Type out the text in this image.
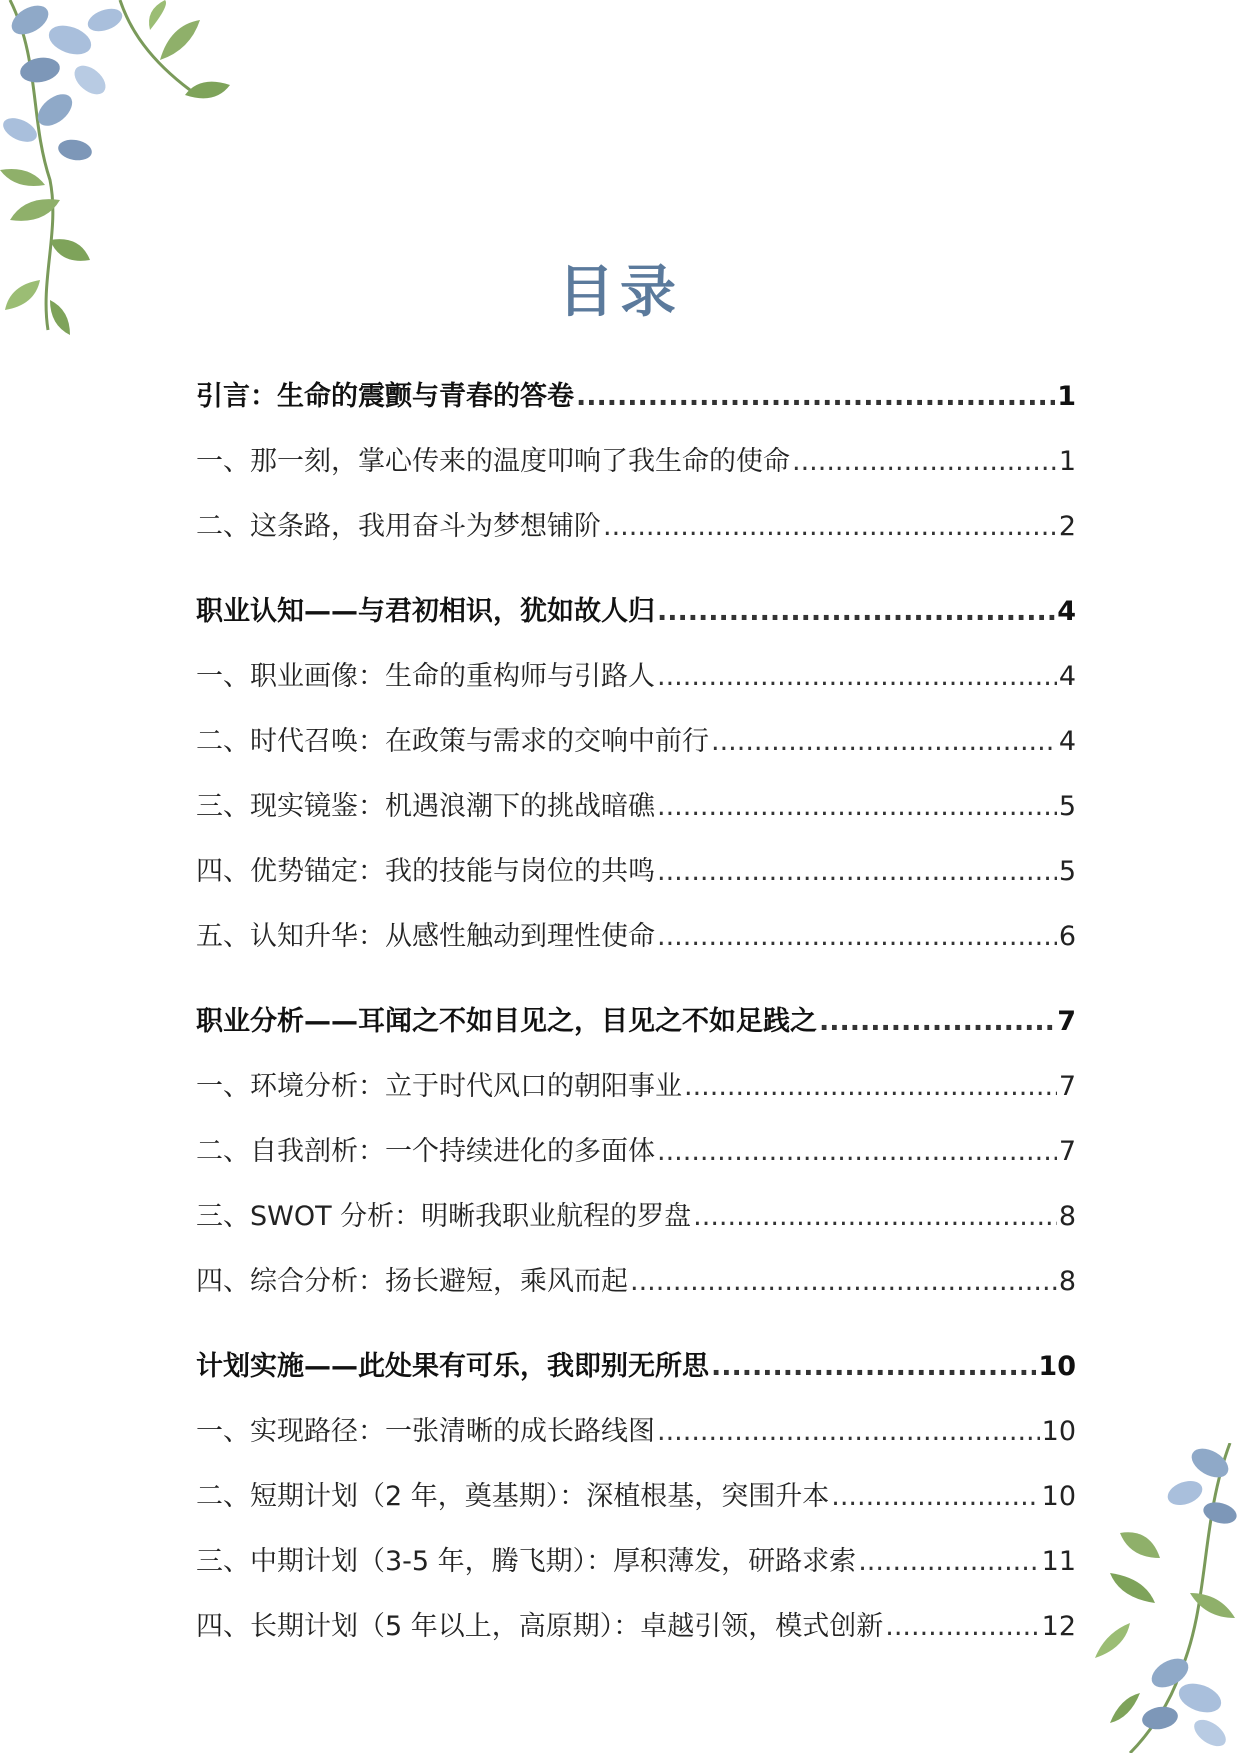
目录
引言：生命的震颤与青春的答卷 .....	1
一、那一刻，掌心传来的温度叩响了我生命的使命 .....	1
二、这条路，我用奋斗为梦想铺阶 .....	2
职业认知——与君初相识，犹如故人归 .....	4
一、职业画像：生命的重构师与引路人 .....	4
二、时代召唤：在政策与需求的交响中前行 .....	4
三、现实镜鉴：机遇浪潮下的挑战暗礁 .....	5
四、优势锚定：我的技能与岗位的共鸣 .....	5
五、认知升华：从感性触动到理性使命 .....	6
职业分析——耳闻之不如目见之，目见之不如足践之 .....	7
一、环境分析：立于时代风口的朝阳事业 .....	7
二、自我剖析：一个持续进化的多面体 .....	7
三、SWOT 分析：明晰我职业航程的罗盘 .....	8
四、综合分析：扬长避短，乘风而起 .....	8
计划实施——此处果有可乐，我即别无所思 .....	10
一、实现路径：一张清晰的成长路线图 .....	10
二、短期计划（2 年，奠基期）：深植根基，突围升本 .....	10
三、中期计划（3-5 年，腾飞期）：厚积薄发，研路求索 .....	11
四、长期计划（5 年以上，高原期）：卓越引领，模式创新 .....	12
